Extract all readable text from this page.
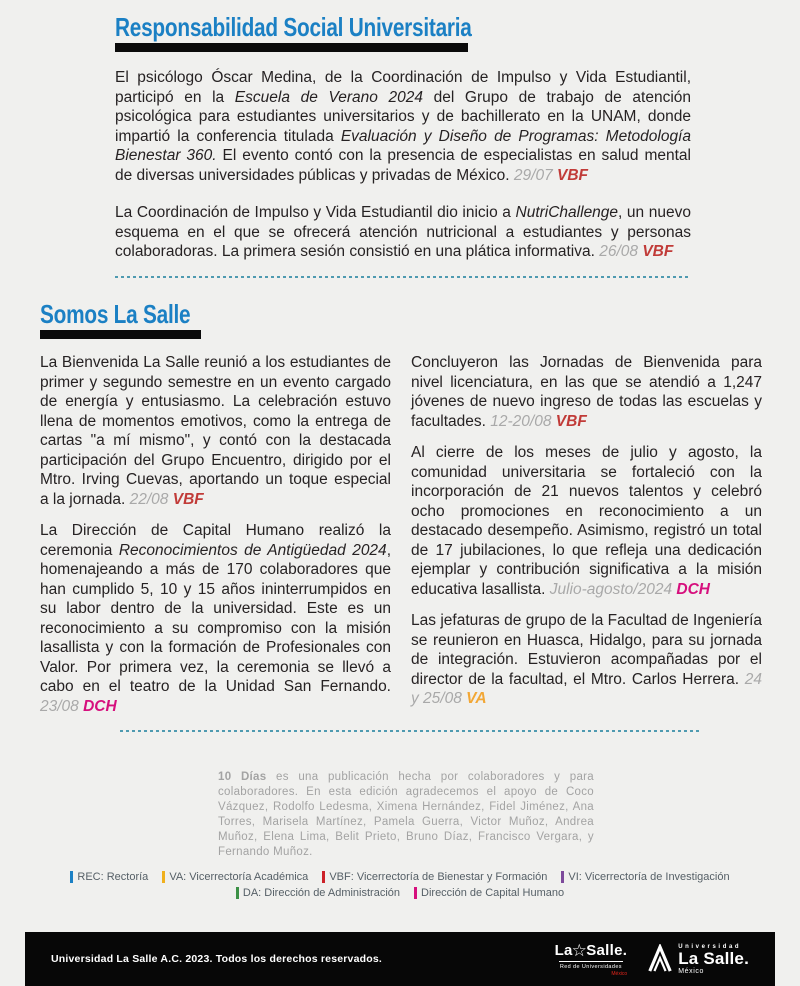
Responsabilidad Social Universitaria

El psicólogo Óscar Medina, de la Coordinación de Impulso y Vida Estudiantil, participó en la Escuela de Verano 2024 del Grupo de trabajo de atención psicológica para estudiantes universitarios y de bachillerato en la UNAM, donde impartió la conferencia titulada Evaluación y Diseño de Programas: Metodología Bienestar 360. El evento contó con la presencia de especialistas en salud mental de diversas universidades públicas y privadas de México. 29/07 VBF

La Coordinación de Impulso y Vida Estudiantil dio inicio a NutriChallenge, un nuevo esquema en el que se ofrecerá atención nutricional a estudiantes y personas colaboradoras. La primera sesión consistió en una plática informativa. 26/08 VBF

Somos La Salle

La Bienvenida La Salle reunió a los estudiantes de primer y segundo semestre en un evento cargado de energía y entusiasmo. La celebración estuvo llena de momentos emotivos, como la entrega de cartas "a mí mismo", y contó con la destacada participación del Grupo Encuentro, dirigido por el Mtro. Irving Cuevas, aportando un toque especial a la jornada. 22/08 VBF

La Dirección de Capital Humano realizó la ceremonia Reconocimientos de Antigüedad 2024, homenajeando a más de 170 colaboradores que han cumplido 5, 10 y 15 años ininterrumpidos en su labor dentro de la universidad. Este es un reconocimiento a su compromiso con la misión lasallista y con la formación de Profesionales con Valor. Por primera vez, la ceremonia se llevó a cabo en el teatro de la Unidad San Fernando. 23/08 DCH

Concluyeron las Jornadas de Bienvenida para nivel licenciatura, en las que se atendió a 1,247 jóvenes de nuevo ingreso de todas las escuelas y facultades. 12-20/08 VBF

Al cierre de los meses de julio y agosto, la comunidad universitaria se fortaleció con la incorporación de 21 nuevos talentos y celebró ocho promociones en reconocimiento a un destacado desempeño. Asimismo, registró un total de 17 jubilaciones, lo que refleja una dedicación ejemplar y contribución significativa a la misión educativa lasallista. Julio-agosto/2024 DCH

Las jefaturas de grupo de la Facultad de Ingeniería se reunieron en Huasca, Hidalgo, para su jornada de integración. Estuvieron acompañadas por el director de la facultad, el Mtro. Carlos Herrera. 24 y 25/08 VA

10 Días es una publicación hecha por colaboradores y para colaboradores. En esta edición agradecemos el apoyo de Coco Vázquez, Rodolfo Ledesma, Ximena Hernández, Fidel Jiménez, Ana Torres, Marisela Martínez, Pamela Guerra, Victor Muñoz, Andrea Muñoz, Elena Lima, Belit Prieto, Bruno Díaz, Francisco Vergara, y Fernando Muñoz.

REC: Rectoría VA: Vicerrectoría Académica VBF: Vicerrectoría de Bienestar y Formación VI: Vicerrectoría de Investigación
DA: Dirección de Administración Dirección de Capital Humano
Universidad La Salle A.C. 2023. Todos los derechos reservados.
La ☆ Salle.
Red de Universidades
México
Universidad
La Salle.
México
